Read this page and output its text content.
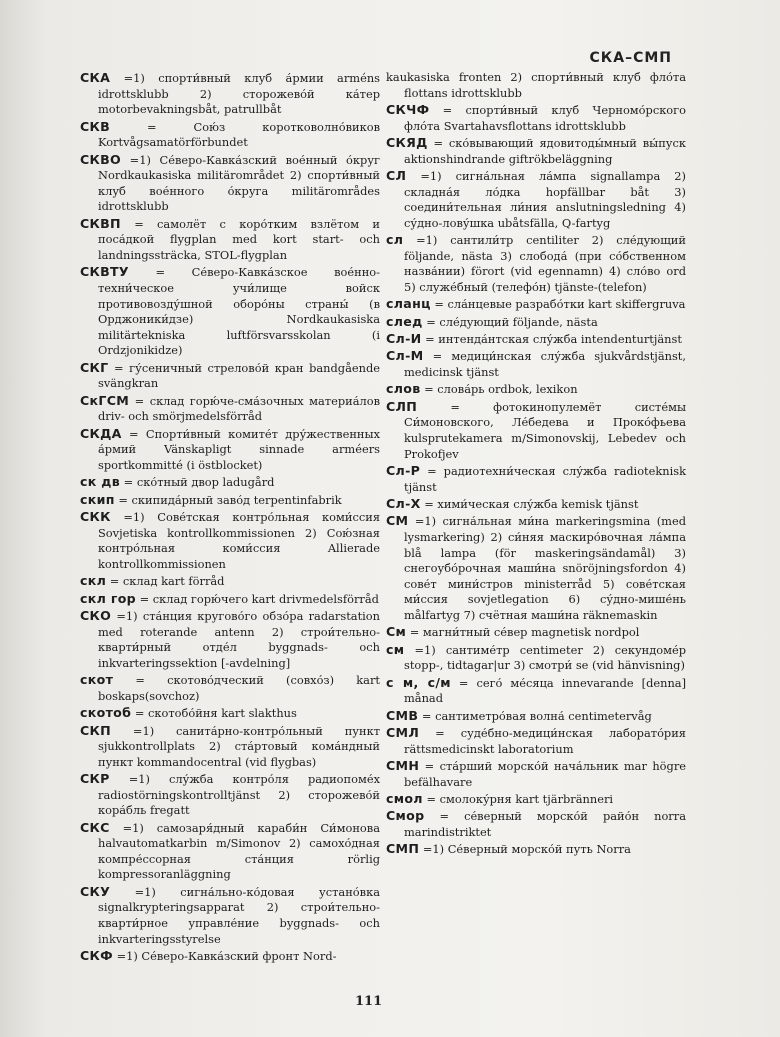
СКА–СМП
СКА =1) спорти́вный клуб а́рмии arméns idrottsklubb 2) сторожево́й ка́тер motorbevakningsbåt, patrullbåt
СКВ	= Сою́з коротковолно́виков Kortvågsamatörförbundet
СКВО =1) Се́веро-Кавка́зский вое́нный о́круг Nordkaukasiska militärområdet 2) спорти́вный клуб вое́нного о́круга militärområdes idrottsklubb
СКВП = самолёт с коро́тким взлётом и поса́дкой flygplan med kort start- och landningssträcka, STOL-flygplan
СКВТУ = Се́веро-Кавка́зское вое́нно-техни́ческое учи́лище войск противовозду́шной оборо́ны страны́ (в Орджоники́дзе) Nordkaukasiska militärtekniska luftförsvarsskolan (i Ordzjonikidze)
СКГ = гу́сеничный стрелово́й кран bandgående svängkran
СкГСМ = склад горю́че-сма́зочных материа́лов driv- och smörjmedelsförråd
СКДА = Спорти́вный комите́т дру́жественных а́рмий Vänskapligt sinnade arméers sportkommitté (i östblocket)
ск дв = ско́тный двор ladugård
скип = скипида́рный заво́д terpentinfabrik
СКК =1) Сове́тская контро́льная коми́ссия Sovjetiska kontrollkommissionen 2) Сою́зная контро́льная коми́ссия Allierade kontrollkommissionen
скл = склад kart förråd
скл гор = склад горю́чего kart drivmedelsförråd
СКО =1) ста́нция кругово́го обзо́ра radarstation med roterande antenn 2) строи́тельно-кварти́рный отде́л byggnads- och inkvarteringssektion [-avdelning]
скот = скотово́дческий (совхо́з) kart boskaps(sovchoz)
скотоб = скотобо́йня kart slakthus
СКП =1) санита́рно-контро́льный пункт sjukkontrollplats 2) ста́ртовый кома́ндный пункт kommandocentral (vid flygbas)
СКР =1) слу́жба контро́ля радиопоме́х radiostörningskontrolltjänst 2) сторожево́й кора́бль fregatt
СКС =1) самозаря́дный караби́н Си́монова halvautomatkarbin m/Simonov 2) самохо́дная компре́ссорная ста́нция rörlig kompressoranläggning
СКУ =1) сигна́льно-ко́довая устано́вка signalkrypteringsapparat 2) строи́тельно-кварти́рное управле́ние byggnads- och inkvarteringsstyrelse
СКФ =1) Се́веро-Кавка́зский фронт Nord-
kaukasiska fronten 2) спорти́вный клуб фло́та flottans idrottsklubb
СКЧФ = спорти́вный клуб Черномо́рского фло́та Svartahavsflottans idrottsklubb
СКЯД = ско́вывающий ядовитоды́мный вы́пуск aktionshindrande giftrökbeläggning
СЛ =1) сигна́льная ла́мпа signallampa 2) складна́я ло́дка hopfällbar båt 3) соедини́тельная ли́ния anslutningsledning 4) су́дно-лову́шка ubåtsfälla, Q-fartyg
сл =1) сантили́тр centiliter 2) сле́дующий följande, nästa 3) слобода́ (при со́бственном назва́нии) förort (vid egennamn) 4) сло́во ord 5) служе́бный (телефо́н) tjänste-(telefon)
сланц = сла́нцевые разрабо́тки kart skiffergruva
след = сле́дующий följande, nästa
Сл-И = интенда́нтская слу́жба intendenturtjänst
Сл-М = медици́нская слу́жба sjukvårdstjänst, medicinsk tjänst
слов = слова́рь ordbok, lexikon
СЛП	= фотокинопулемёт систе́мы Си́моновского, Ле́бедева и Проко́фьева kulsprutekamera m/Simonovskij, Lebedev och Prokofjev
Сл-Р = радиотехни́ческая слу́жба radioteknisk tjänst
Сл-Х = хими́ческая слу́жба kemisk tjänst
СМ =1) сигна́льная ми́на markeringsmina (med lysmarkering) 2) си́няя маскиро́вочная ла́мпа blå lampa (för maskeringsändamål) 3) снегоубо́рочная маши́на snöröjningsfordon 4) сове́т мини́стров ministerråd 5) сове́тская ми́ссия sovjetlegation 6) су́дно-мише́нь målfartyg 7) счётная маши́на räknemaskin
См = магни́тный се́вер magnetisk nordpol
см =1) сантиме́тр centimeter 2) секундоме́р stopp-, tidtagar|ur 3) смотри́ se (vid hänvisning)
с м, с/м = сего́ ме́сяца innevarande [denna] månad
СМВ = сантиметро́вая волна́ centimetervåg
СМЛ = суде́бно-медици́нская лаборато́рия rättsmedicinskt laboratorium
СМН = ста́рший морско́й нача́льник mar högre befälhavare
смол = смолоку́рня kart tjärbränneri
Смор = се́верный морско́й райо́н norra marindistriktet
СМП =1) Се́верный морско́й путь Norra
111
